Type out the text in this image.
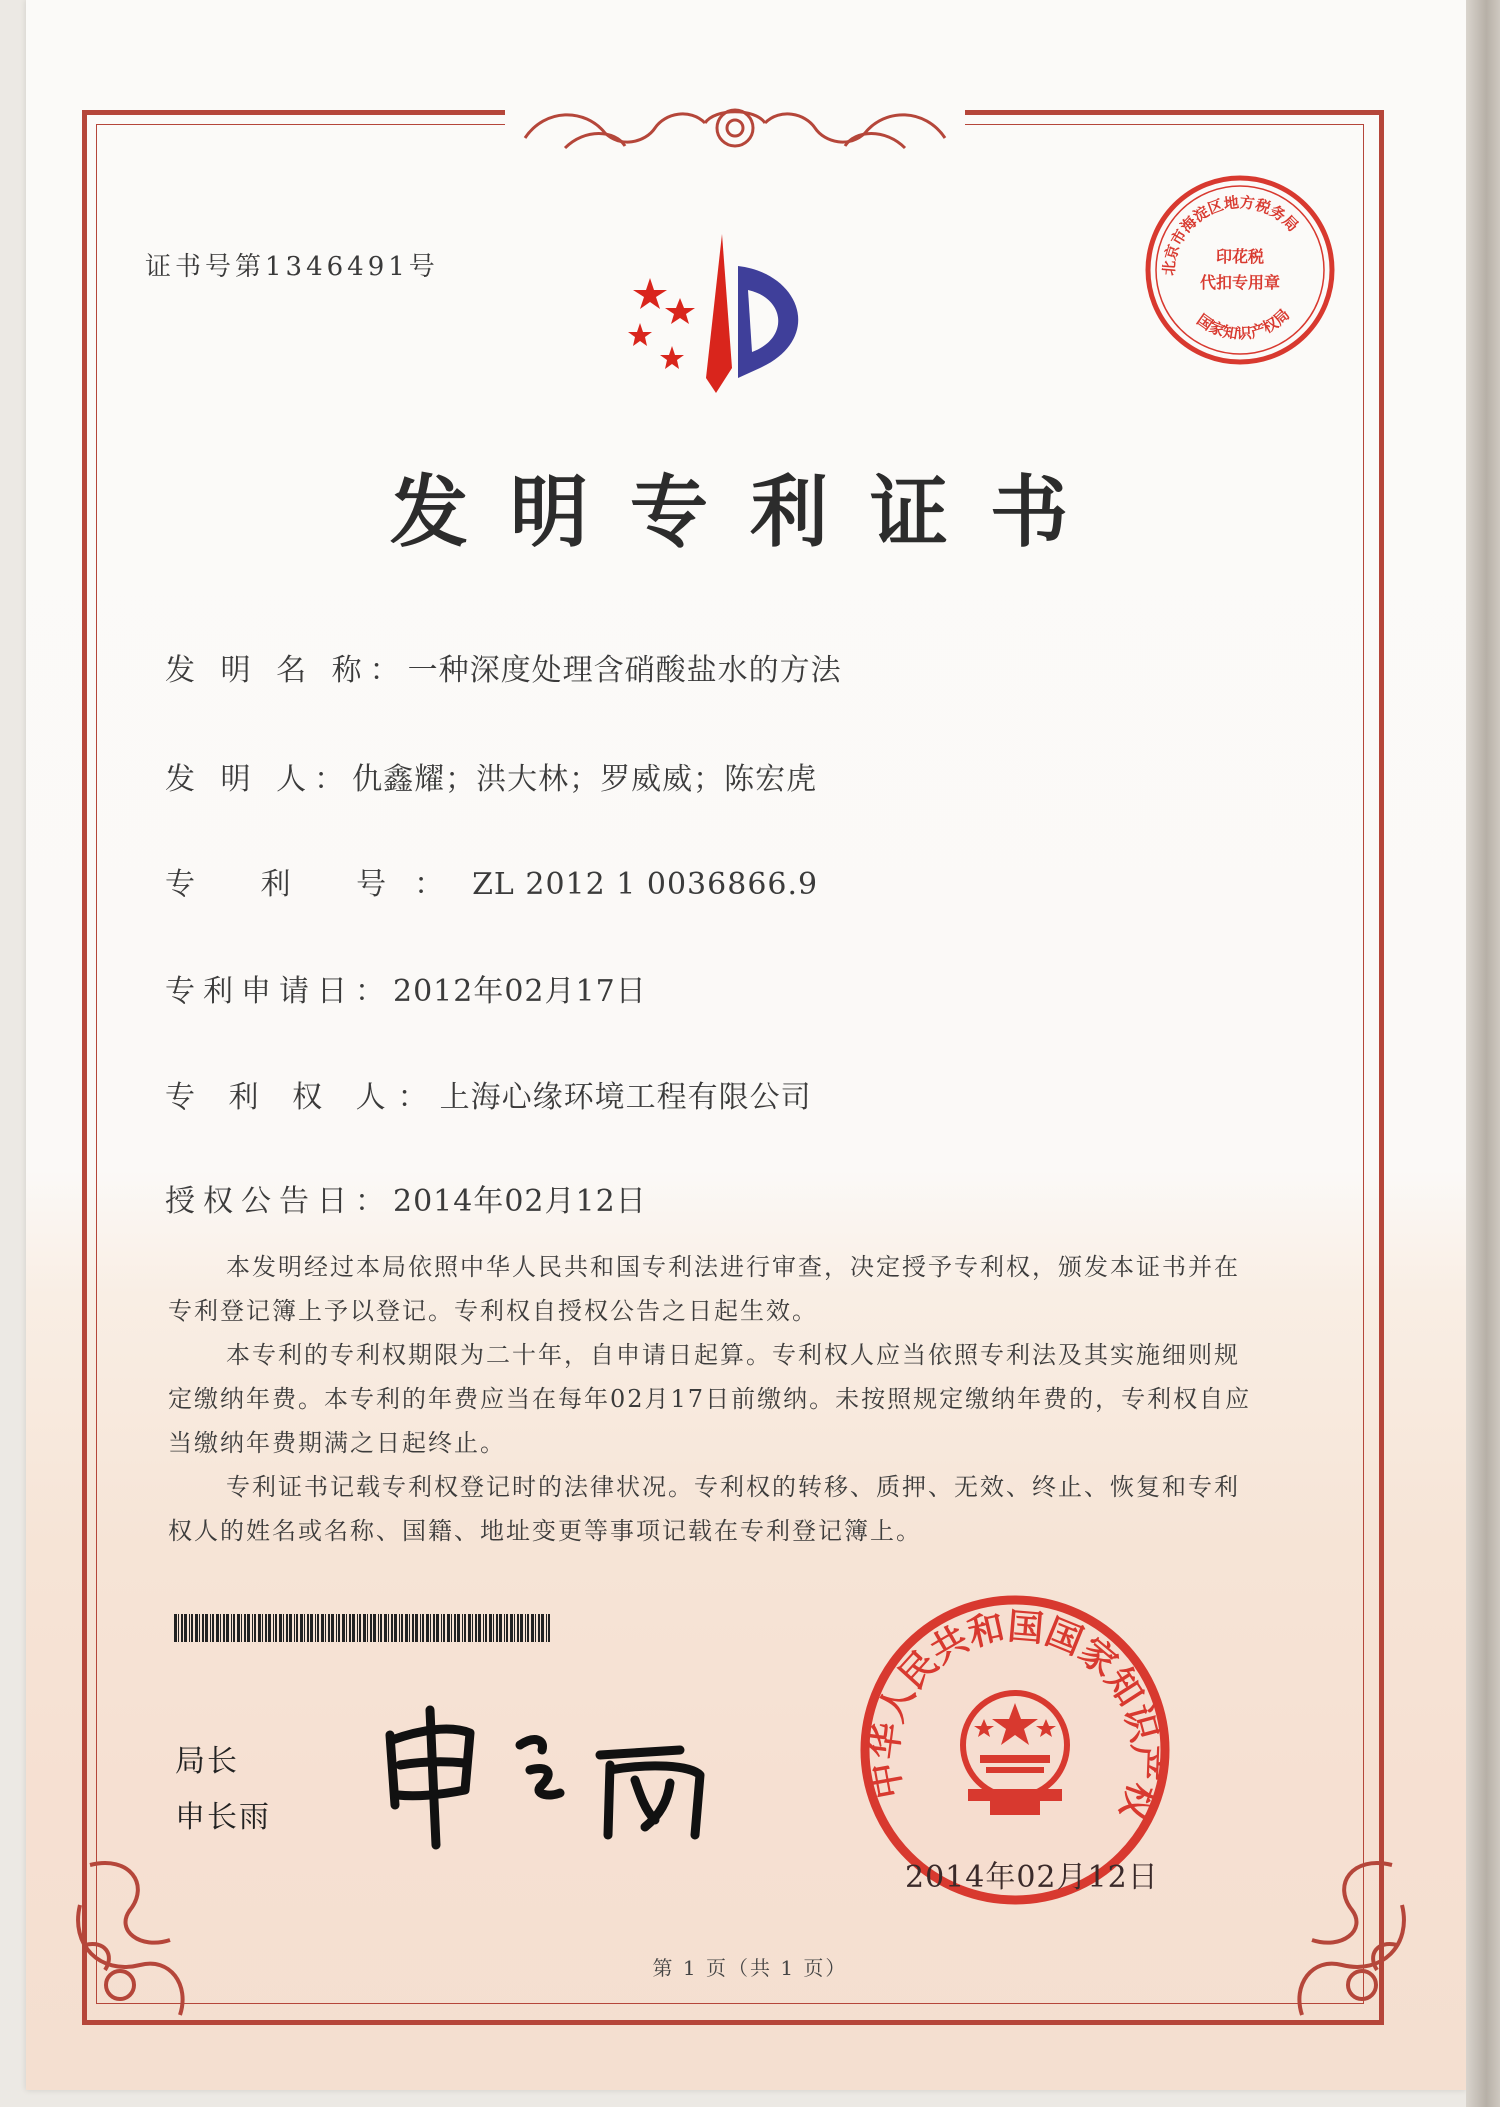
证书号第1346491号	北京市海淀区地方税务局
国家知识产权局
印花税
代扣专用章
发明专利证书
发 明 名 称：一种深度处理含硝酸盐水的方法
发 明 人：仇鑫耀；洪大林；罗威威；陈宏虎
专 利 号：ZL 2012 1 0036866.9
专利申请日：2012年02月17日
专 利 权 人：上海心缘环境工程有限公司
授权公告日：2014年02月12日

本发明经过本局依照中华人民共和国专利法进行审查，决定授予专利权，颁发本证书并在专利登记簿上予以登记。专利权自授权公告之日起生效。

本专利的专利权期限为二十年，自申请日起算。专利权人应当依照专利法及其实施细则规定缴纳年费。本专利的年费应当在每年02月17日前缴纳。未按照规定缴纳年费的，专利权自应当缴纳年费期满之日起终止。

专利证书记载专利权登记时的法律状况。专利权的转移、质押、无效、终止、恢复和专利权人的姓名或名称、国籍、地址变更等事项记载在专利登记簿上。

局长
申长雨
中华人民共和国国家知识产权
2014年02月12日
第 1 页（共 1 页）
